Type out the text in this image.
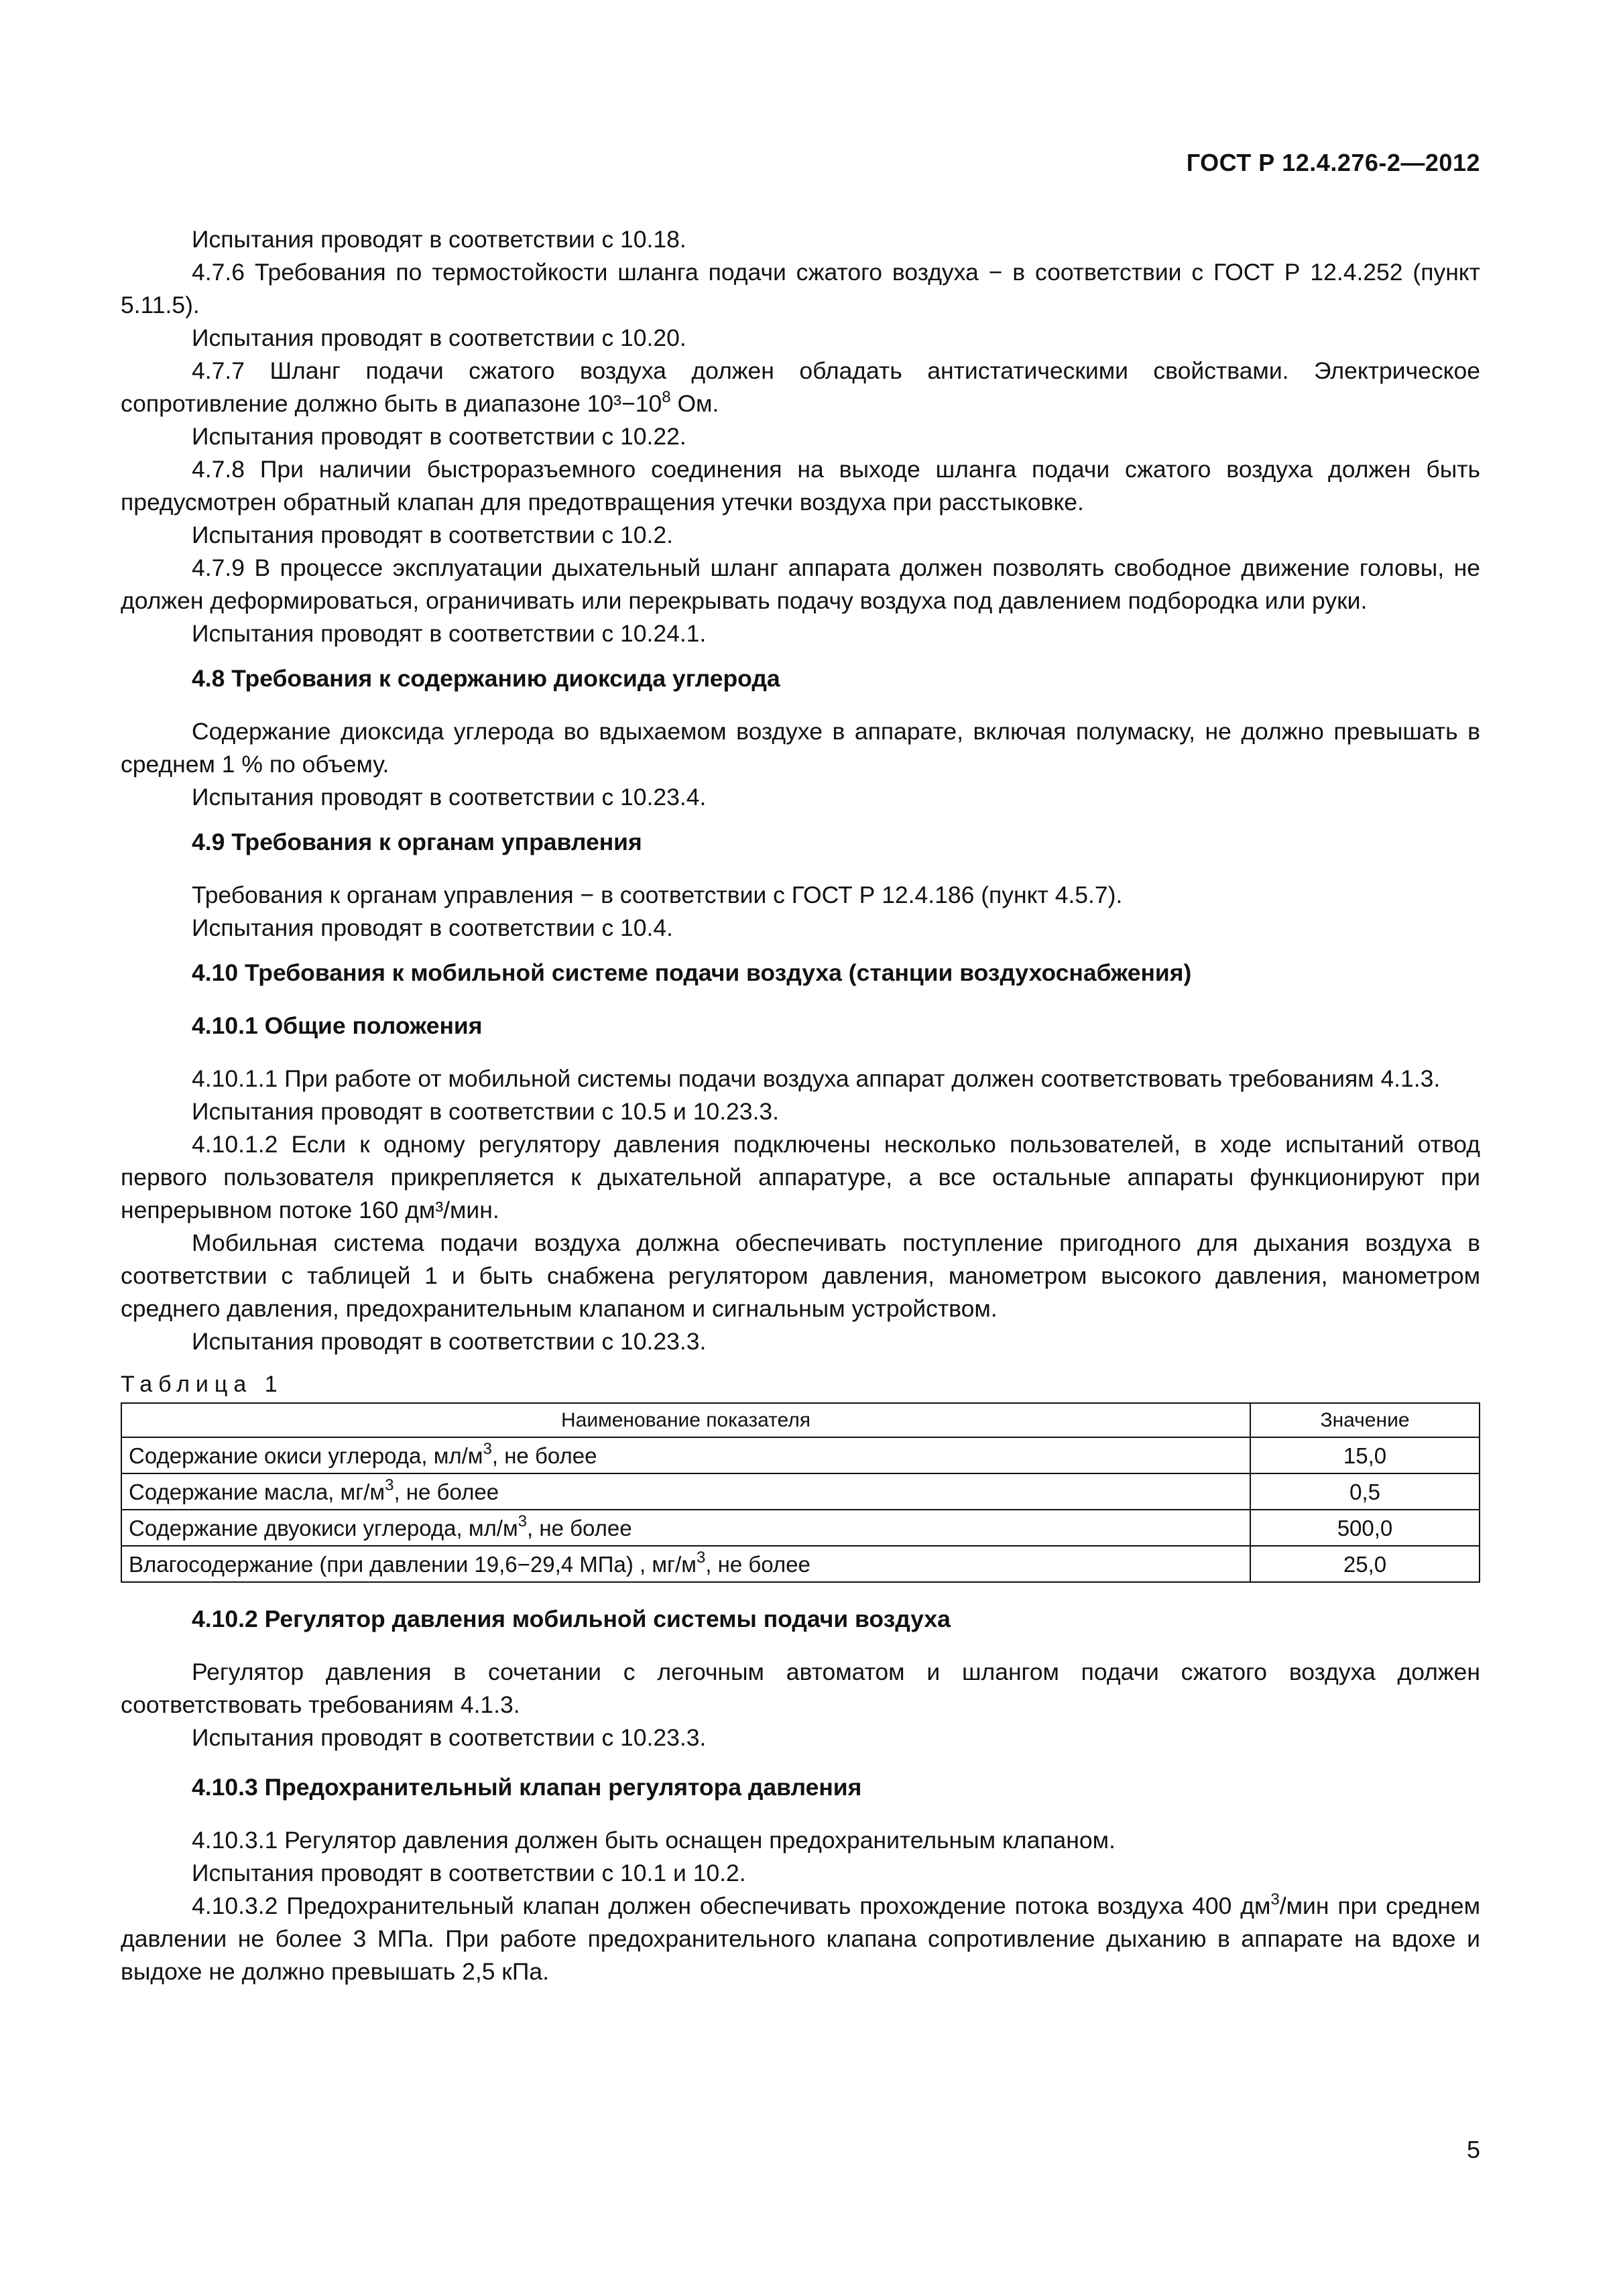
ГОСТ Р 12.4.276-2—2012

Испытания проводят в соответствии с 10.18.

4.7.6 Требования по термостойкости шланга подачи сжатого воздуха − в соответствии с ГОСТ Р 12.4.252 (пункт 5.11.5).

Испытания проводят в соответствии с 10.20.

4.7.7 Шланг подачи сжатого воздуха должен обладать антистатическими свойствами. Электрическое сопротивление должно быть в диапазоне $10^3-10^8$ Ом.

Испытания проводят в соответствии с 10.22.

4.7.8 При наличии быстроразъемного соединения на выходе шланга подачи сжатого воздуха должен быть предусмотрен обратный клапан для предотвращения утечки воздуха при расстыковке.

Испытания проводят в соответствии с 10.2.

4.7.9 В процессе эксплуатации дыхательный шланг аппарата должен позволять свободное движение головы, не должен деформироваться, ограничивать или перекрывать подачу воздуха под давлением подбородка или руки.

Испытания проводят в соответствии с 10.24.1.

4.8 Требования к содержанию диоксида углерода

Содержание диоксида углерода во вдыхаемом воздухе в аппарате, включая полумаску, не должно превышать в среднем 1 % по объему.

Испытания проводят в соответствии с 10.23.4.

4.9 Требования к органам управления

Требования к органам управления − в соответствии с ГОСТ Р 12.4.186 (пункт 4.5.7).

Испытания проводят в соответствии с 10.4.

4.10 Требования к мобильной системе подачи воздуха (станции воздухоснабжения)

4.10.1 Общие положения

4.10.1.1 При работе от мобильной системы подачи воздуха аппарат должен соответствовать требованиям 4.1.3.

Испытания проводят в соответствии с 10.5 и 10.23.3.

4.10.1.2 Если к одному регулятору давления подключены несколько пользователей, в ходе испытаний отвод первого пользователя прикрепляется к дыхательной аппаратуре, а все остальные аппараты функционируют при непрерывном потоке 160 дм³/мин.

Мобильная система подачи воздуха должна обеспечивать поступление пригодного для дыхания воздуха в соответствии с таблицей 1 и быть снабжена регулятором давления, манометром высокого давления, манометром среднего давления, предохранительным клапаном и сигнальным устройством.

Испытания проводят в соответствии с 10.23.3.

Таблица 1
Наименование показателя	Значение
Содержание окиси углерода, $мл/м^3$, не более	15,0
Содержание масла, $мг/м^3$, не более	0,5
Содержание двуокиси углерода, $мл/м^3$, не более	500,0
Влагосодержание (при давлении 19,6−29,4 МПа) , $мг/м^3$, не более	25,0

4.10.2 Регулятор давления мобильной системы подачи воздуха

Регулятор давления в сочетании с легочным автоматом и шлангом подачи сжатого воздуха должен соответствовать требованиям 4.1.3.

Испытания проводят в соответствии с 10.23.3.

4.10.3 Предохранительный клапан регулятора давления

4.10.3.1 Регулятор давления должен быть оснащен предохранительным клапаном.

Испытания проводят в соответствии с 10.1 и 10.2.

4.10.3.2 Предохранительный клапан должен обеспечивать прохождение потока воздуха 400 $дм^3$/мин при среднем давлении не более 3 МПа. При работе предохранительного клапана сопротивление дыханию в аппарате на вдохе и выдохе не должно превышать 2,5 кПа.

5
